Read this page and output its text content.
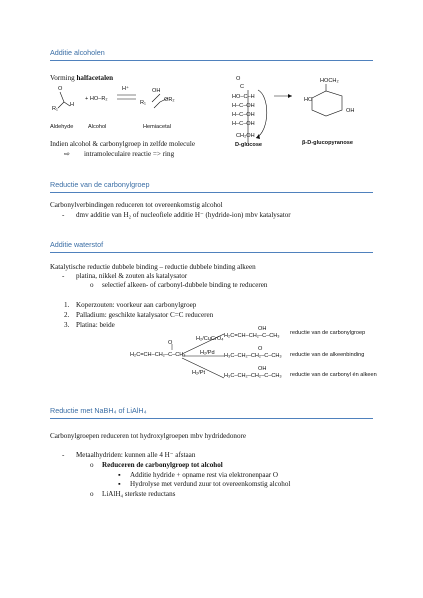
Additie alcoholen
Vorming halfacetalen
O
H
R₁
+ HO–R₂
H⁺	OH
OR₂
R₁
Aldehyde	Alcohol	Hemiacetal
O
C
HO–C–H
H–C–OH
H–C–OH
H–C–OH
CH₂OH
D-glucose
HOCH₂
HO
OH
β-D-glucopyranose
Indien alcohol & carbonylgroep in zelfde molecule
⇨ intramoleculaire reactie => ring
Reductie van de carbonylgroep
Carbonylverbindingen reduceren tot overeenkomstig alcohol
- dmv additie van H₂ of nucleofiele additie H⁻ (hydride-ion) mbv katalysator
Additie waterstof
Katalytische reductie dubbele binding – reductie dubbele binding alkeen
- platina, nikkel & zouten als katalysator
o selectief alkeen- of carbonyl-dubbele binding te reduceren
1. Koperzouten: voorkeur aan carbonylgroep
2. Palladium: geschikte katalysator C=C reduceren
3. Platina: beide
O
H₂C=CH–CH₂–C–CH₃
H₂/CuCrO₄
H₂/Pd
H₂/Pt
OH
H₂C=CH–CH₂–C–CH₃ reductie van de carbonylgroep
O
H₃C–CH₂–CH₂–C–CH₃ reductie van de alkeenbinding
OH
H₃C–CH₂–CH₂–C–CH₃ reductie van de carbonyl én alkeen
Reductie met NaBH₄ of LiAlH₄
Carbonylgroepen reduceren tot hydroxylgroepen mbv hydridedonore
- Metaalhydriden: kunnen alle 4 H⁻ afstaan
o Reduceren de carbonylgroep tot alcohol
▪ Additie hydride + opname rest via elektronenpaar O
▪ Hydrolyse met verdund zuur tot overeenkomstig alcohol
o LiAlH₄ sterkste reductans
